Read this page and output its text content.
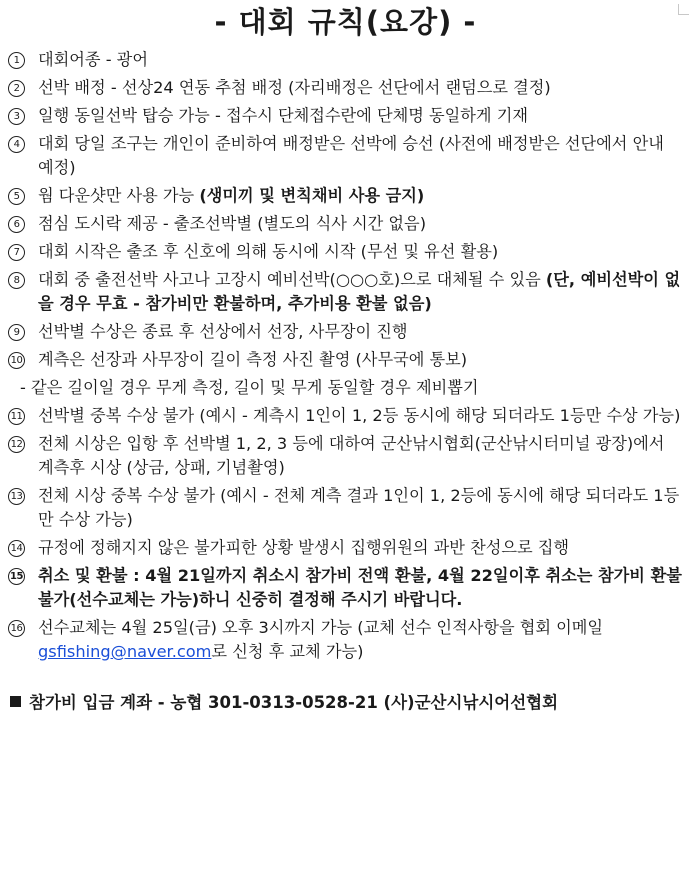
- 대회 규칙(요강) -
1	대회어종 - 광어
2	선박 배정 - 선상24 연동 추첨 배정 (자리배정은 선단에서 랜덤으로 결정)
3	일행 동일선박 탑승 가능 - 접수시 단체접수란에 단체명 동일하게 기재
4	대회 당일 조구는 개인이 준비하여 배정받은 선박에 승선 (사전에 배정받은 선단에서 안내 예정)
5	웜 다운샷만 사용 가능 (생미끼 및 변칙채비 사용 금지)
6	점심 도시락 제공 - 출조선박별 (별도의 식사 시간 없음)
7	대회 시작은 출조 후 신호에 의해 동시에 시작 (무선 및 유선 활용)
8	대회 중 출전선박 사고나 고장시 예비선박(○○○호)으로 대체될 수 있음 (단, 예비선박이 없을 경우 무효 - 참가비만 환불하며, 추가비용 환불 없음)
9	선박별 수상은 종료 후 선상에서 선장, 사무장이 진행
10 계측은 선장과 사무장이 길이 측정 사진 촬영 (사무국에 통보)
- 같은 길이일 경우 무게 측정, 길이 및 무게 동일할 경우 제비뽑기
11 선박별 중복 수상 불가 (예시 - 계측시 1인이 1, 2등 동시에 해당 되더라도 1등만 수상 가능)
12 전체 시상은 입항 후 선박별 1, 2, 3 등에 대하여 군산낚시협회(군산낚시터미널 광장)에서 계측후 시상 (상금, 상패, 기념촬영)
13 전체 시상 중복 수상 불가 (예시 - 전체 계측 결과 1인이 1, 2등에 동시에 해당 되더라도 1등만 수상 가능)
14 규정에 정해지지 않은 불가피한 상황 발생시 집행위원의 과반 찬성으로 집행
15 취소 및 환불 : 4월 21일까지 취소시 참가비 전액 환불, 4월 22일이후 취소는 참가비 환불 불가(선수교체는 가능)하니 신중히 결정해 주시기 바랍니다.
16 선수교체는 4월 25일(금) 오후 3시까지 가능 (교체 선수 인적사항을 협회 이메일 gsfishing@naver.com로 신청 후 교체 가능)
참가비 입금 계좌 - 농협 301-0313-0528-21 (사)군산시낚시어선협회
